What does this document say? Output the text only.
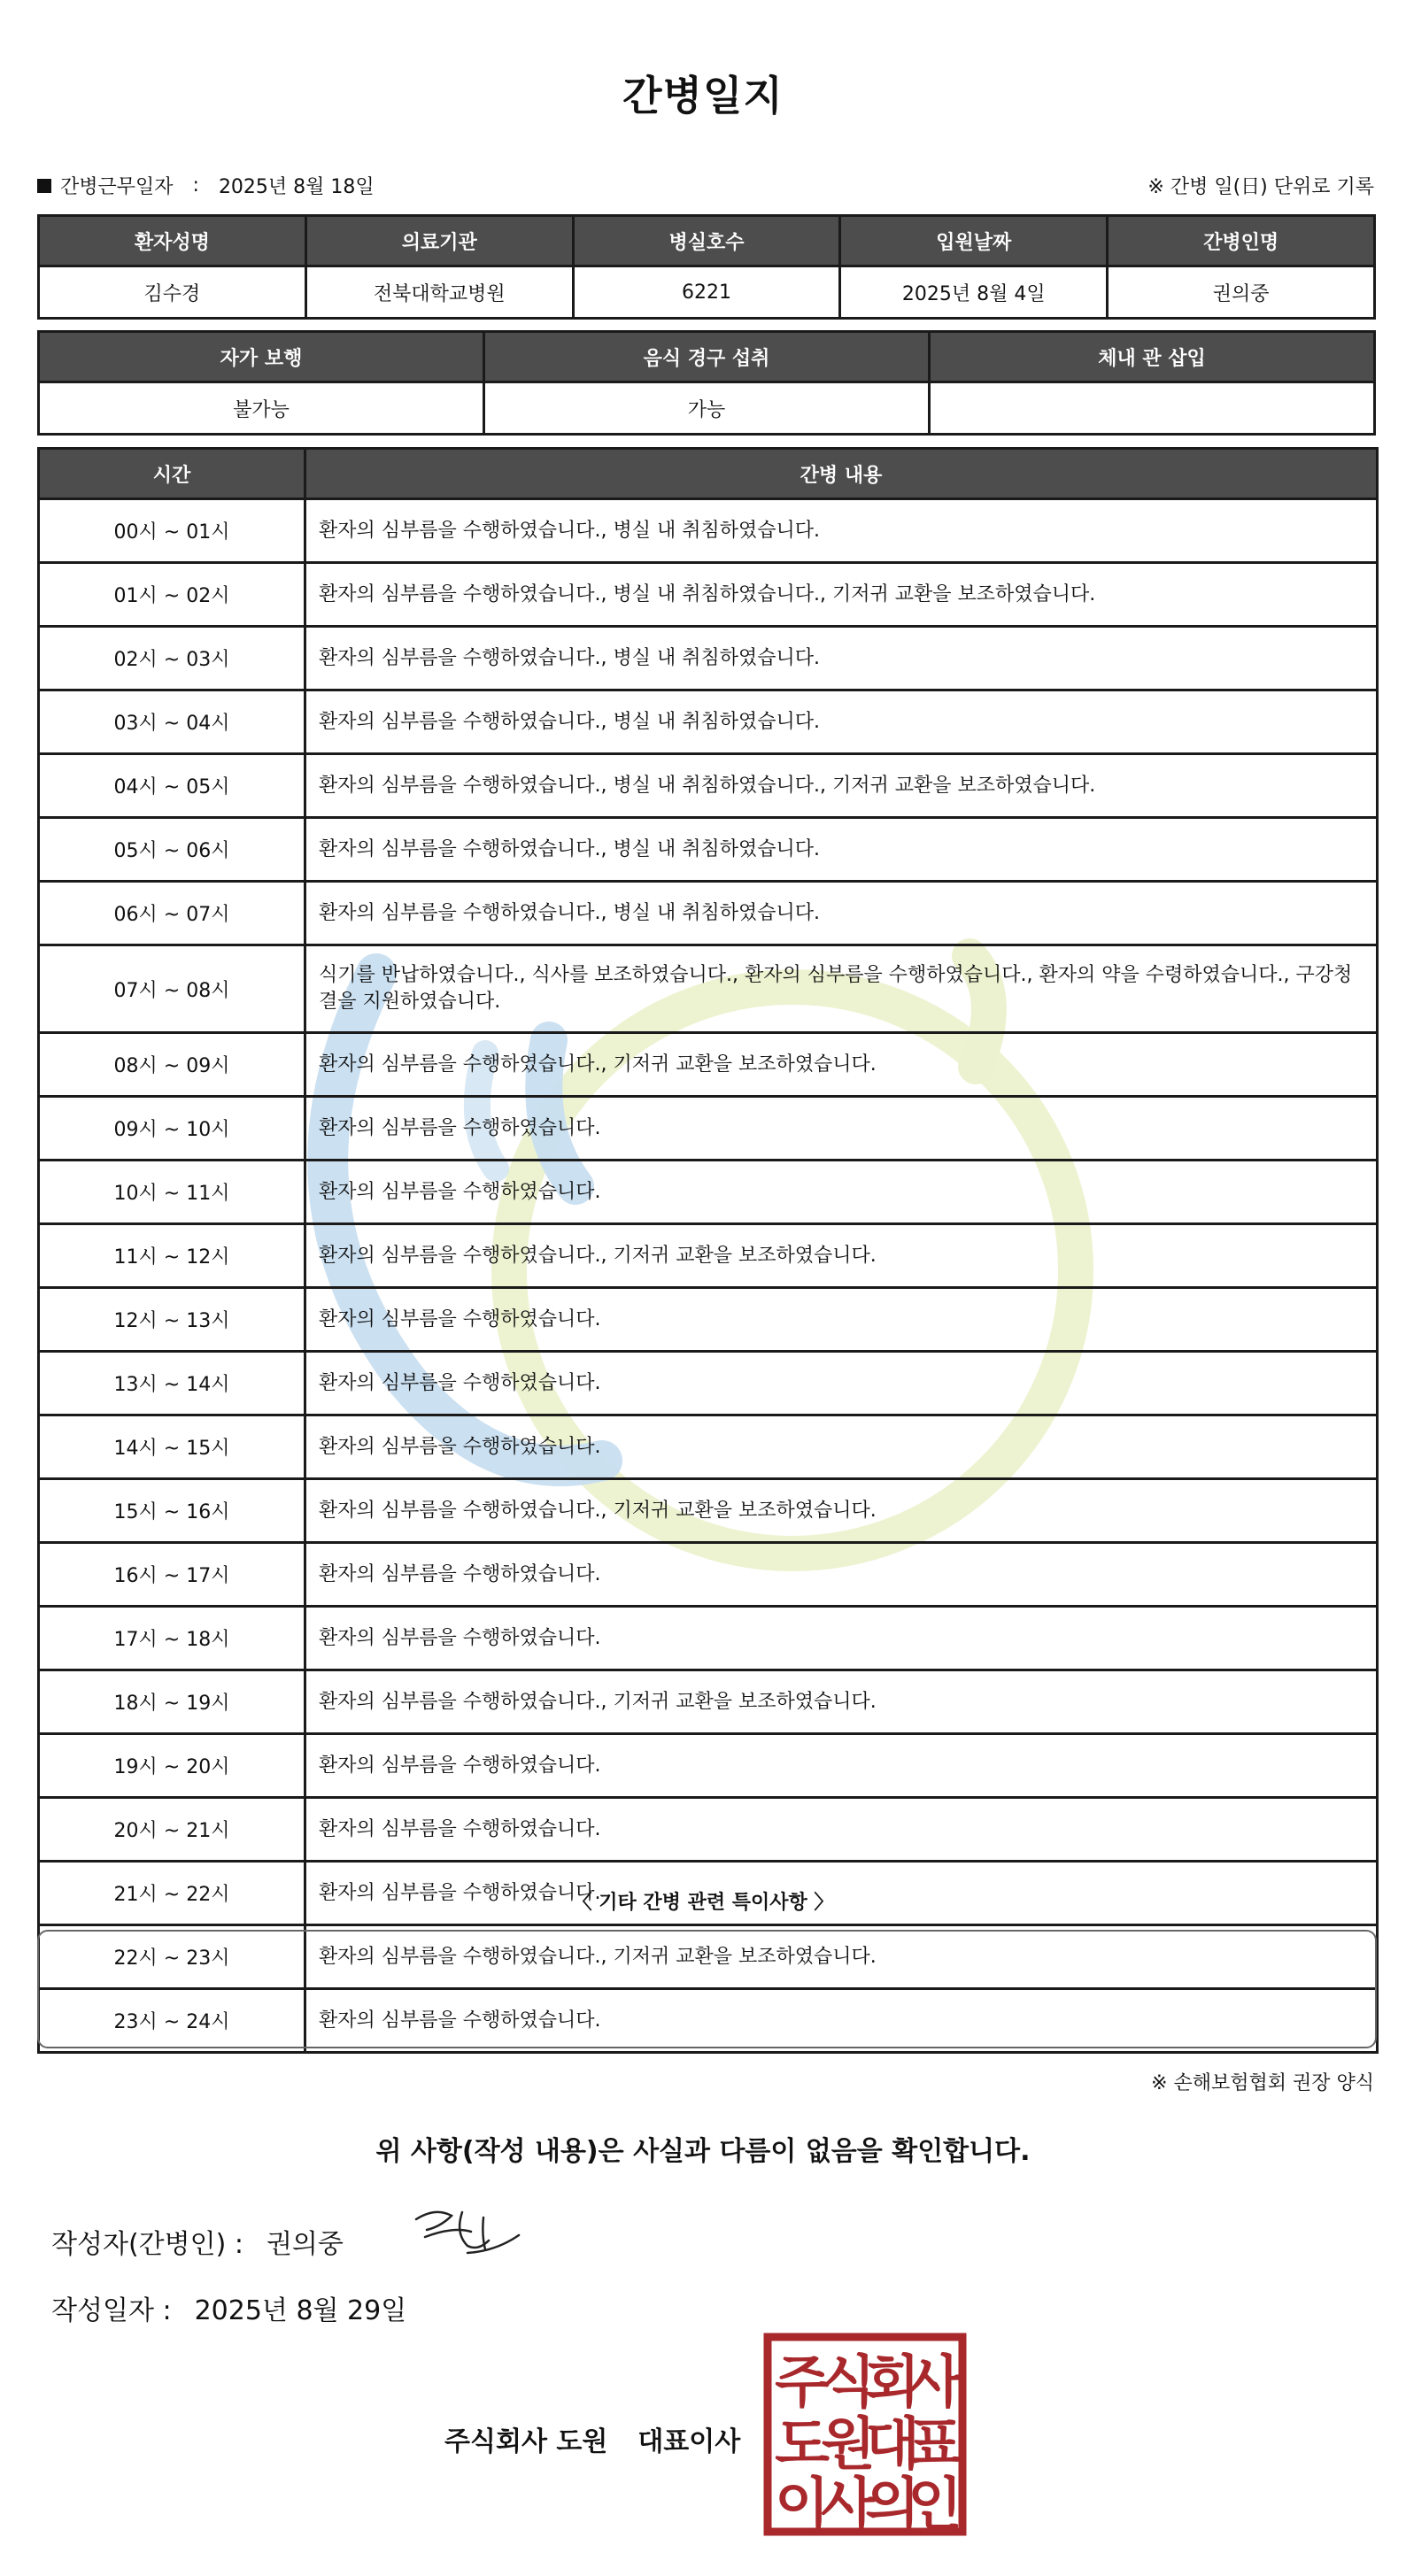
간병일지
간병근무일자 : 2025년 8월 18일	※ 간병 일(日) 단위로 기록
환자성명	의료기관	병실호수	입원날짜	간병인명
김수경	전북대학교병원	6221	2025년 8월 4일	권의중
자가 보행	음식 경구 섭취	체내 관 삽입
불가능	가능	
시간	간병 내용
00시 ~ 01시	환자의 심부름을 수행하였습니다., 병실 내 취침하였습니다.
01시 ~ 02시	환자의 심부름을 수행하였습니다., 병실 내 취침하였습니다., 기저귀 교환을 보조하였습니다.
02시 ~ 03시	환자의 심부름을 수행하였습니다., 병실 내 취침하였습니다.
03시 ~ 04시	환자의 심부름을 수행하였습니다., 병실 내 취침하였습니다.
04시 ~ 05시	환자의 심부름을 수행하였습니다., 병실 내 취침하였습니다., 기저귀 교환을 보조하였습니다.
05시 ~ 06시	환자의 심부름을 수행하였습니다., 병실 내 취침하였습니다.
06시 ~ 07시	환자의 심부름을 수행하였습니다., 병실 내 취침하였습니다.
07시 ~ 08시	식기를 반납하였습니다., 식사를 보조하였습니다., 환자의 심부름을 수행하였습니다., 환자의 약을 수령하였습니다., 구강청결을 지원하였습니다.
08시 ~ 09시	환자의 심부름을 수행하였습니다., 기저귀 교환을 보조하였습니다.
09시 ~ 10시	환자의 심부름을 수행하였습니다.
10시 ~ 11시	환자의 심부름을 수행하였습니다.
11시 ~ 12시	환자의 심부름을 수행하였습니다., 기저귀 교환을 보조하였습니다.
12시 ~ 13시	환자의 심부름을 수행하였습니다.
13시 ~ 14시	환자의 심부름을 수행하였습니다.
14시 ~ 15시	환자의 심부름을 수행하였습니다.
15시 ~ 16시	환자의 심부름을 수행하였습니다., 기저귀 교환을 보조하였습니다.
16시 ~ 17시	환자의 심부름을 수행하였습니다.
17시 ~ 18시	환자의 심부름을 수행하였습니다.
18시 ~ 19시	환자의 심부름을 수행하였습니다., 기저귀 교환을 보조하였습니다.
19시 ~ 20시	환자의 심부름을 수행하였습니다.
20시 ~ 21시	환자의 심부름을 수행하였습니다.
21시 ~ 22시	환자의 심부름을 수행하였습니다.
22시 ~ 23시	환자의 심부름을 수행하였습니다., 기저귀 교환을 보조하였습니다.
23시 ~ 24시	환자의 심부름을 수행하였습니다.
〈 기타 간병 관련 특이사항 〉
※ 손해보험협회 권장 양식
위 사항(작성 내용)은 사실과 다름이 없음을 확인합니다.
작성자(간병인) : 권의중
작성일자 : 2025년 8월 29일
주식회사 도원 대표이사
주
식
회
사
도
원
대
표
이
사
의
인
